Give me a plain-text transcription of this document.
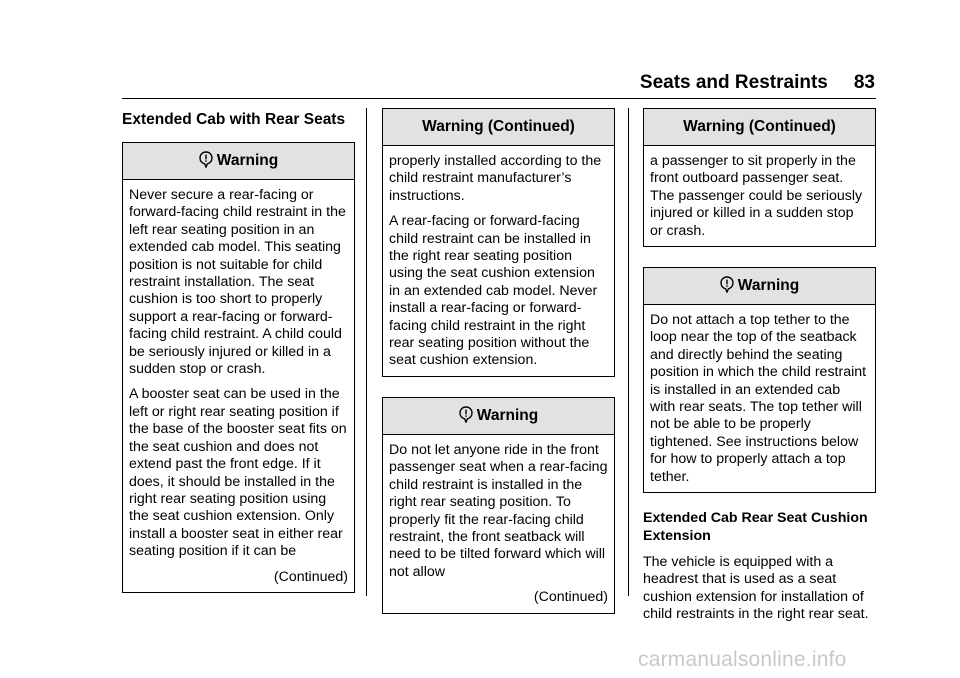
Seats and Restraints 83
Extended Cab with Rear Seats
Warning

Never secure a rear-facing or forward-facing child restraint in the left rear seating position in an extended cab model. This seating position is not suitable for child restraint installation. The seat cushion is too short to properly support a rear-facing or forward-facing child restraint. A child could be seriously injured or killed in a sudden stop or crash.

A booster seat can be used in the left or right rear seating position if the base of the booster seat fits on the seat cushion and does not extend past the front edge. If it does, it should be installed in the right rear seating position using the seat cushion extension. Only install a booster seat in either rear seating position if it can be

(Continued)
Warning (Continued)

properly installed according to the child restraint manufacturer’s instructions.

A rear-facing or forward-facing child restraint can be installed in the right rear seating position using the seat cushion extension in an extended cab model. Never install a rear-facing or forward-facing child restraint in the right rear seating position without the seat cushion extension.

Warning

Do not let anyone ride in the front passenger seat when a rear-facing child restraint is installed in the right rear seating position. To properly fit the rear-facing child restraint, the front seatback will need to be tilted forward which will not allow

(Continued)
Warning (Continued)

a passenger to sit properly in the front outboard passenger seat. The passenger could be seriously injured or killed in a sudden stop or crash.

Warning

Do not attach a top tether to the loop near the top of the seatback and directly behind the seating position in which the child restraint is installed in an extended cab with rear seats. The top tether will not be able to be properly tightened. See instructions below for how to properly attach a top tether.

Extended Cab Rear Seat Cushion Extension

The vehicle is equipped with a headrest that is used as a seat cushion extension for installation of child restraints in the right rear seat.

carmanualsonline.info
